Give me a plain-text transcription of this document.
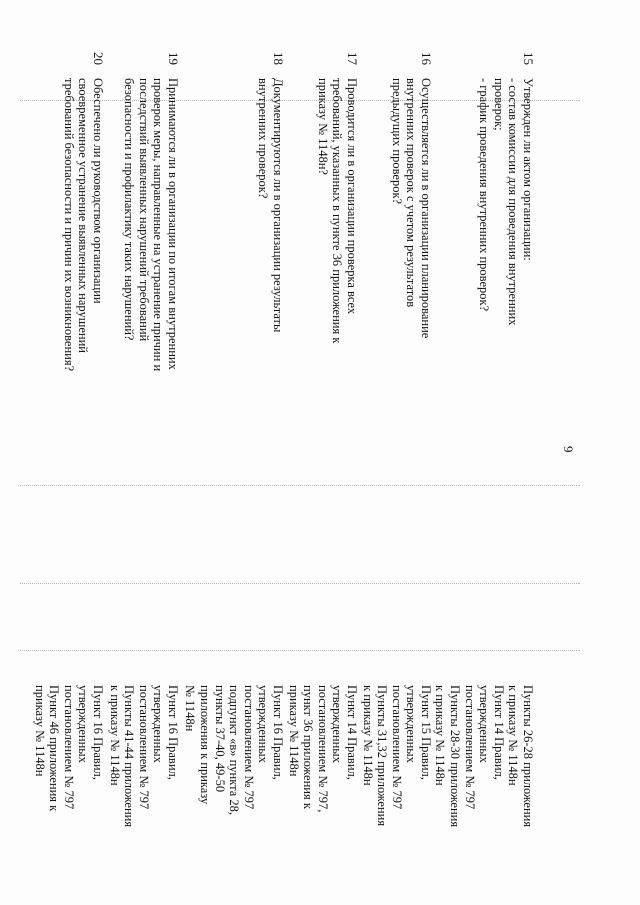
9
15
Утвержден ли актом организации:
- состав комиссии для проведения внутренних
проверок;
- график проведения внутренних проверок?
Пункты 26-28 приложения
к приказу № 1148н
Пункт 14 Правил,
утвержденных
постановлением № 797
Пункты 28-30 приложения
к приказу № 1148н
16
Осуществляется ли в организации планирование
внутренних проверок с учетом результатов
предыдущих проверок?
Пункт 15 Правил,
утвержденных
постановлением № 797
Пункты 31,32 приложения
к приказу № 1148н
17
Проводится ли в организации проверка всех
требований, указанных в пункте 36 приложения к
приказу № 1148н?
Пункт 14 Правил,
утвержденных
постановлением № 797,
пункт 36 приложения к
приказу № 1148н
18
Документируются ли в организации результаты
внутренних проверок?
Пункт 16 Правил,
утвержденных
постановлением № 797
подпункт «в» пункта 28,
пункты 37-40, 49-50
приложения к приказу
№ 1148н
19
Принимаются ли в организации по итогам внутренних
проверок меры, направленные на устранение причин и
последствий выявленных нарушений требований
безопасности и профилактику таких нарушений?
Пункт 16 Правил,
утвержденных
постановлением № 797
Пункты 41-44 приложения
к приказу № 1148н
20
Обеспечено ли руководством организации
своевременное устранение выявленных нарушений
требований безопасности и причин их возникновения?
Пункт 16 Правил,
утвержденных
постановлением № 797
Пункт 46 приложения к
приказу № 1148н
